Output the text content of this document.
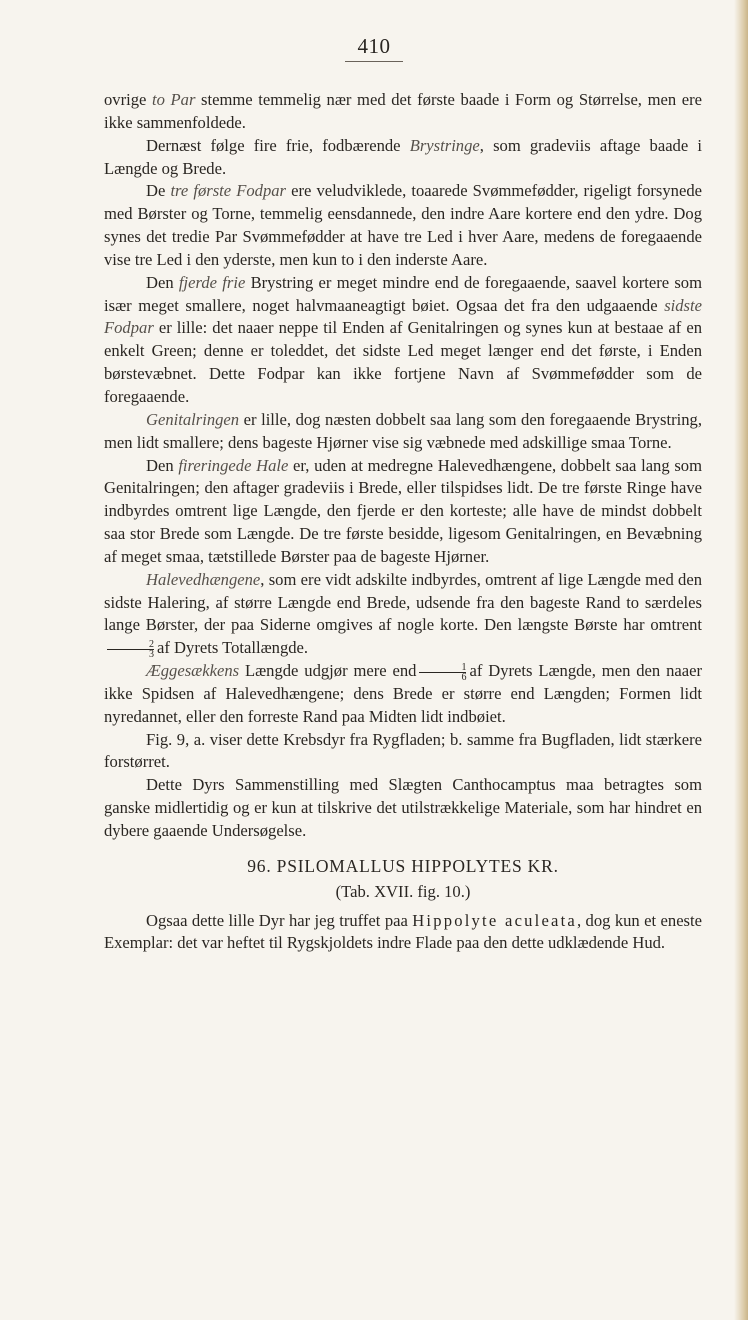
410

ovrige to Par stemme temmelig nær med det første baade i Form og Størrelse, men ere ikke sammenfoldede.

Dernæst følge fire frie, fodbærende Brystringe, som gradeviis aftage baade i Længde og Brede.

De tre første Fodpar ere veludviklede, toaarede Svømmefødder, rigeligt forsynede med Børster og Torne, temmelig eensdannede, den indre Aare kortere end den ydre. Dog synes det tredie Par Svømmefødder at have tre Led i hver Aare, medens de foregaaende vise tre Led i den yderste, men kun to i den inderste Aare.

Den fjerde frie Brystring er meget mindre end de foregaaende, saavel kortere som især meget smallere, noget halvmaaneagtigt bøiet. Ogsaa det fra den udgaaende sidste Fodpar er lille: det naaer neppe til Enden af Genitalringen og synes kun at bestaae af en enkelt Green; denne er toleddet, det sidste Led meget længer end det første, i Enden børstevæbnet. Dette Fodpar kan ikke fortjene Navn af Svømmefødder som de foregaaende.

Genitalringen er lille, dog næsten dobbelt saa lang som den foregaaende Brystring, men lidt smallere; dens bageste Hjørner vise sig væbnede med adskillige smaa Torne.

Den fireringede Hale er, uden at medregne Halevedhængene, dobbelt saa lang som Genitalringen; den aftager gradeviis i Brede, eller tilspidses lidt. De tre første Ringe have indbyrdes omtrent lige Længde, den fjerde er den korteste; alle have de mindst dobbelt saa stor Brede som Længde. De tre første besidde, ligesom Genitalringen, en Bevæbning af meget smaa, tætstillede Børster paa de bageste Hjørner.

Halevedhængene, som ere vidt adskilte indbyrdes, omtrent af lige Længde med den sidste Halering, af større Længde end Brede, udsende fra den bageste Rand to særdeles lange Børster, der paa Siderne omgives af nogle korte. Den længste Børste har omtrent
$\frac{2}{3}$ af Dyrets Totallængde.

Æggesækkens Længde udgjør mere end $\frac{1}{6}$ af Dyrets Længde, men den naaer ikke Spidsen af Halevedhængene; dens Brede er større end Længden; Formen lidt nyredannet, eller den forreste Rand paa Midten lidt indbøiet.

Fig. 9, a. viser dette Krebsdyr fra Rygfladen; b. samme fra Bugfladen, lidt stærkere forstørret.

Dette Dyrs Sammenstilling med Slægten Canthocamptus maa betragtes som ganske midlertidig og er kun at tilskrive det utilstrækkelige Materiale, som har hindret en dybere gaaende Undersøgelse.

96. PSILOMALLUS HIPPOLYTES KR.

(Tab. XVII. fig. 10.)

Ogsaa dette lille Dyr har jeg truffet paa Hippolyte aculeata, dog kun et eneste Exemplar: det var heftet til Rygskjoldets indre Flade paa den dette udklædende Hud.
